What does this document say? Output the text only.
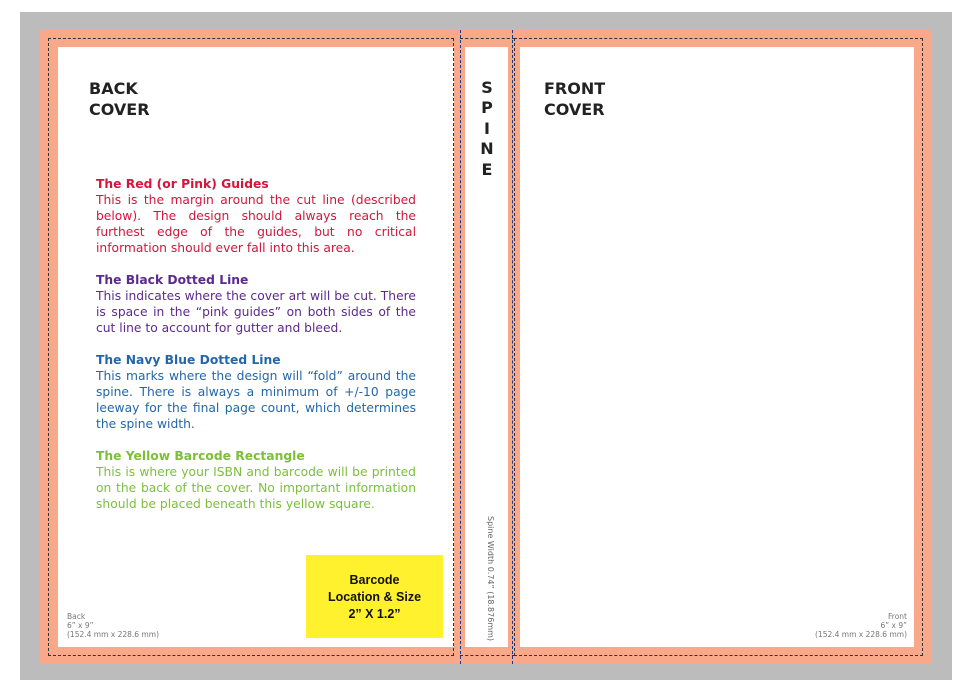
BACK
COVER
The Red (or Pink) Guides
This is the margin around the cut line (described below). The design should always reach the furthest edge of the guides, but no critical information should ever fall into this area.
The Black Dotted Line
This indicates where the cover art will be cut. There is space in the “pink guides” on both sides of the cut line to account for gutter and bleed.
The Navy Blue Dotted Line
This marks where the design will “fold” around the spine. There is always a minimum of +/-10 page leeway for the final page count, which determines the spine width.
The Yellow Barcode Rectangle
This is where your ISBN and barcode will be printed on the back of the cover. No important information should be placed beneath this yellow square.
Barcode
Location & Size
2” X 1.2”
Back
6” x 9”
(152.4 mm x 228.6 mm)
S
P
I
N
E
Spine Width 0.74” (18.876mm)
FRONT
COVER
Front
6” x 9”
(152.4 mm x 228.6 mm)
